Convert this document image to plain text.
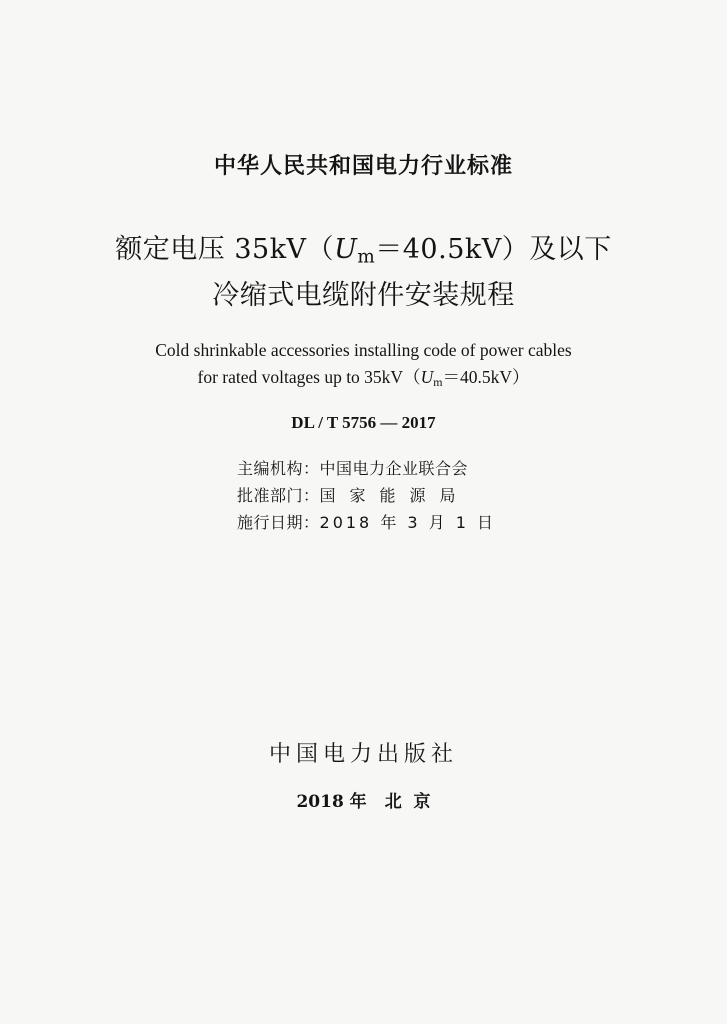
中华人民共和国电力行业标准
额定电压 $35kV(U_m=40.5kV)$及以下
冷缩式电缆附件安装规程
Cold shrinkable accessories installing code of power cables
for rated voltages up to $35kV(U_m=40.5kV)$
DL / T 5756 — 2017
主编机构：中国电力企业联合会
批准部门：国家能源局
施行日期：2018 年 3 月 1 日
中国电力出版社
2018 年 北  京
